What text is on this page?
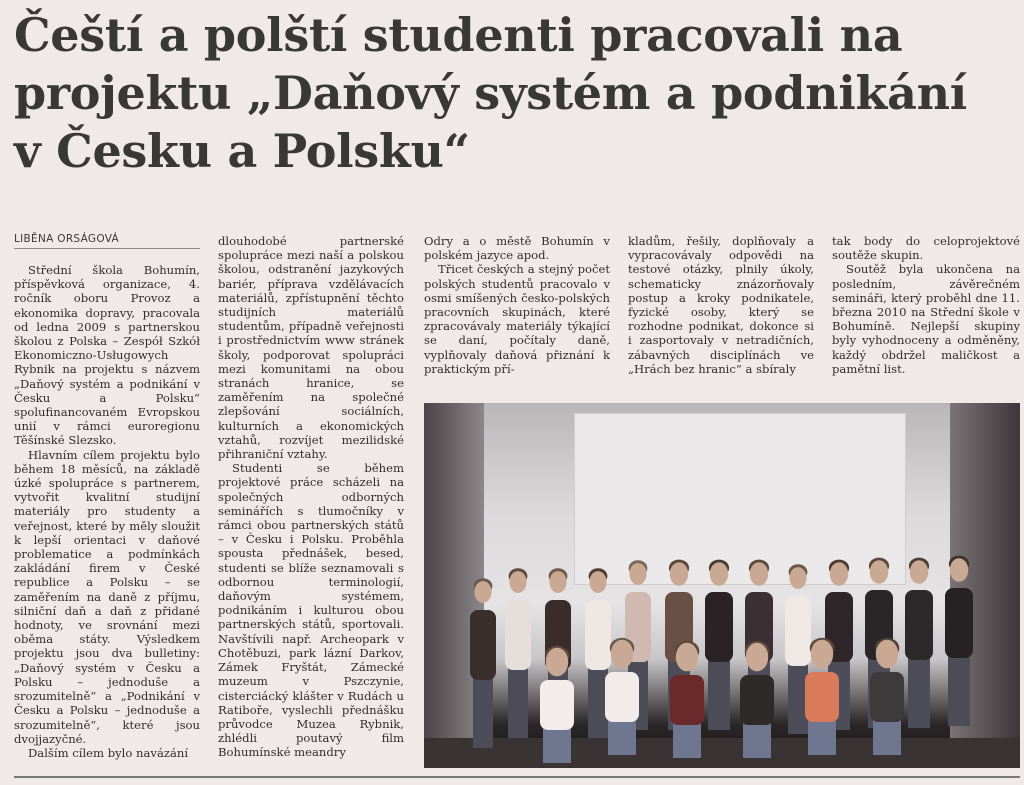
Čeští a polští studenti pracovali na
projektu „Daňový systém a podnikání
v Česku a Polsku“
LIBĚNA ORSÁGOVÁ

Střední škola Bohumín, příspěvková organizace, 4. ročník oboru Provoz a ekonomika dopravy, pracovala od ledna 2009 s partnerskou školou z Polska – Zespół Szkół Ekonomiczno-Usługowych Rybnik na projektu s názvem „Daňový systém a podnikání v Česku a Polsku“ spolufinancovaném Evropskou unií v rámci euroregionu Těšínské Slezsko.

Hlavním cílem projektu bylo během 18 měsíců, na základě úzké spolupráce s partnerem, vytvořit kvalitní studijní materiály pro studenty a veřejnost, které by měly sloužit k lepší orientaci v daňové problematice a podmínkách zakládání firem v České republice a Polsku – se zaměřením na daně z příjmu, silniční daň a daň z přidané hodnoty, ve srovnání mezi oběma státy. Výsledkem projektu jsou dva bulletiny: „Daňový systém v Česku a Polsku – jednoduše a srozumitelně“ a „Podnikání v Česku a Polsku – jednoduše a srozumitelně“, které jsou dvojjazyčné.

Dalším cílem bylo navázání

dlouhodobé partnerské spolupráce mezi naší a polskou školou, odstranění jazykových bariér, příprava vzdělávacích materiálů, zpřístupnění těchto studijních materiálů studentům, případně veřejnosti i prostřednictvím www stránek školy, podporovat spolupráci mezi komunitami na obou stranách hranice, se zaměřením na společné zlepšování sociálních, kulturních a ekonomických vztahů, rozvíjet mezilidské přihraniční vztahy.

Studenti se během projektové práce scházeli na společných odborných seminářích s tlumočníky v rámci obou partnerských států – v Česku i Polsku. Proběhla spousta přednášek, besed, studenti se blíže seznamovali s odbornou terminologií, daňovým systémem, podnikáním i kulturou obou partnerských států, sportovali. Navštívili např. Archeopark v Chotěbuzi, park lázní Darkov, Zámek Fryštát, Zámecké muzeum v Pszczynie, cisterciácký klášter v Rudách u Ratiboře, vyslechli přednášku průvodce Muzea Rybnik, zhlédli poutavý film Bohumínské meandry

Odry a o městě Bohumín v polském jazyce apod.

Třicet českých a stejný počet polských studentů pracovalo v osmi smíšených česko-polských pracovních skupinách, které zpracovávaly materiály týkající se daní, počítaly daně, vyplňovaly daňová přiznání k praktickým pří-

kladům, řešily, doplňovaly a vypracovávaly odpovědi na testové otázky, plnily úkoly, schematicky znázorňovaly postup a kroky podnikatele, fyzické osoby, který se rozhodne podnikat, dokonce si i zasportovaly v netradičních, zábavných disciplínách ve „Hrách bez hranic“ a sbíraly

tak body do celoprojektové soutěže skupin.

Soutěž byla ukončena na posledním, závěrečném semináři, který proběhl dne 11. března 2010 na Střední škole v Bohumíně. Nejlepší skupiny byly vyhodnoceny a odměněny, každý obdržel maličkost a pamětní list.
